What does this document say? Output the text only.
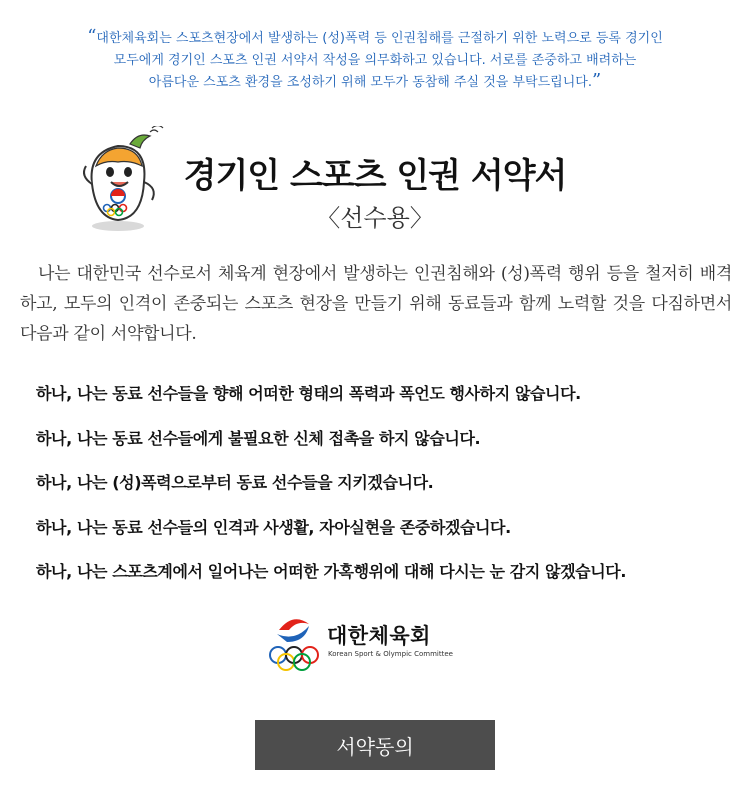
“대한체육회는 스포츠현장에서 발생하는 (성)폭력 등 인권침해를 근절하기 위한 노력으로 등록 경기인
모두에게 경기인 스포츠 인권 서약서 작성을 의무화하고 있습니다. 서로를 존중하고 배려하는
아름다운 스포츠 환경을 조성하기 위해 모두가 동참해 주실 것을 부탁드립니다.”
경기인 스포츠 인권 서약서
〈선수용〉
나는 대한민국 선수로서 체육계 현장에서 발생하는 인권침해와 (성)폭력 행위 등을 철저히 배격하고, 모두의 인격이 존중되는 스포츠 현장을 만들기 위해 동료들과 함께 노력할 것을 다짐하면서 다음과 같이 서약합니다.
하나, 나는 동료 선수들을 향해 어떠한 형태의 폭력과 폭언도 행사하지 않습니다.
하나, 나는 동료 선수들에게 불필요한 신체 접촉을 하지 않습니다.
하나, 나는 (성)폭력으로부터 동료 선수들을 지키겠습니다.
하나, 나는 동료 선수들의 인격과 사생활, 자아실현을 존중하겠습니다.
하나, 나는 스포츠계에서 일어나는 어떠한 가혹행위에 대해 다시는 눈 감지 않겠습니다.
대한체육회
Korean Sport & Olympic Committee
서약동의
